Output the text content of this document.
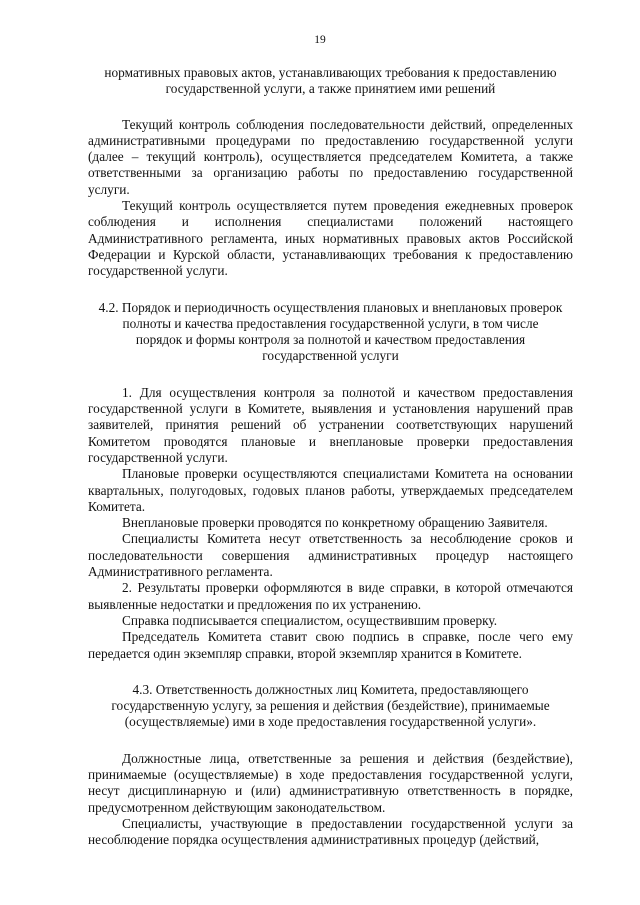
19
нормативных правовых актов, устанавливающих требования к предоставлению
государственной услуги, а также принятием ими решений

Текущий контроль соблюдения последовательности действий, определенных административными процедурами по предоставлению государственной услуги (далее – текущий контроль), осуществляется председателем Комитета, а также ответственными за организацию работы по предоставлению государственной услуги.

Текущий контроль осуществляется путем проведения ежедневных проверок соблюдения и исполнения специалистами положений настоящего Административного регламента, иных нормативных правовых актов Российской Федерации и Курской области, устанавливающих требования к предоставлению государственной услуги.

4.2. Порядок и периодичность осуществления плановых и внеплановых проверок
полноты и качества предоставления государственной услуги, в том числе
порядок и формы контроля за полнотой и качеством предоставления
государственной услуги

1. Для осуществления контроля за полнотой и качеством предоставления государственной услуги в Комитете, выявления и установления нарушений прав заявителей, принятия решений об устранении соответствующих нарушений Комитетом проводятся плановые и внеплановые проверки предоставления государственной услуги.

Плановые проверки осуществляются специалистами Комитета на основании квартальных, полугодовых, годовых планов работы, утверждаемых председателем Комитета.

Внеплановые проверки проводятся по конкретному обращению Заявителя.

Специалисты Комитета несут ответственность за несоблюдение сроков и последовательности совершения административных процедур настоящего Административного регламента.

2. Результаты проверки оформляются в виде справки, в которой отмечаются выявленные недостатки и предложения по их устранению.

Справка подписывается специалистом, осуществившим проверку.

Председатель Комитета ставит свою подпись в справке, после чего ему передается один экземпляр справки, второй экземпляр хранится в Комитете.

4.3. Ответственность должностных лиц Комитета, предоставляющего
государственную услугу, за решения и действия (бездействие), принимаемые
(осуществляемые) ими в ходе предоставления государственной услуги».

Должностные лица, ответственные за решения и действия (бездействие), принимаемые (осуществляемые) в ходе предоставления государственной услуги, несут дисциплинарную и (или) административную ответственность в порядке, предусмотренном действующим законодательством.

Специалисты, участвующие в предоставлении государственной услуги за несоблюдение порядка осуществления административных процедур (действий,
